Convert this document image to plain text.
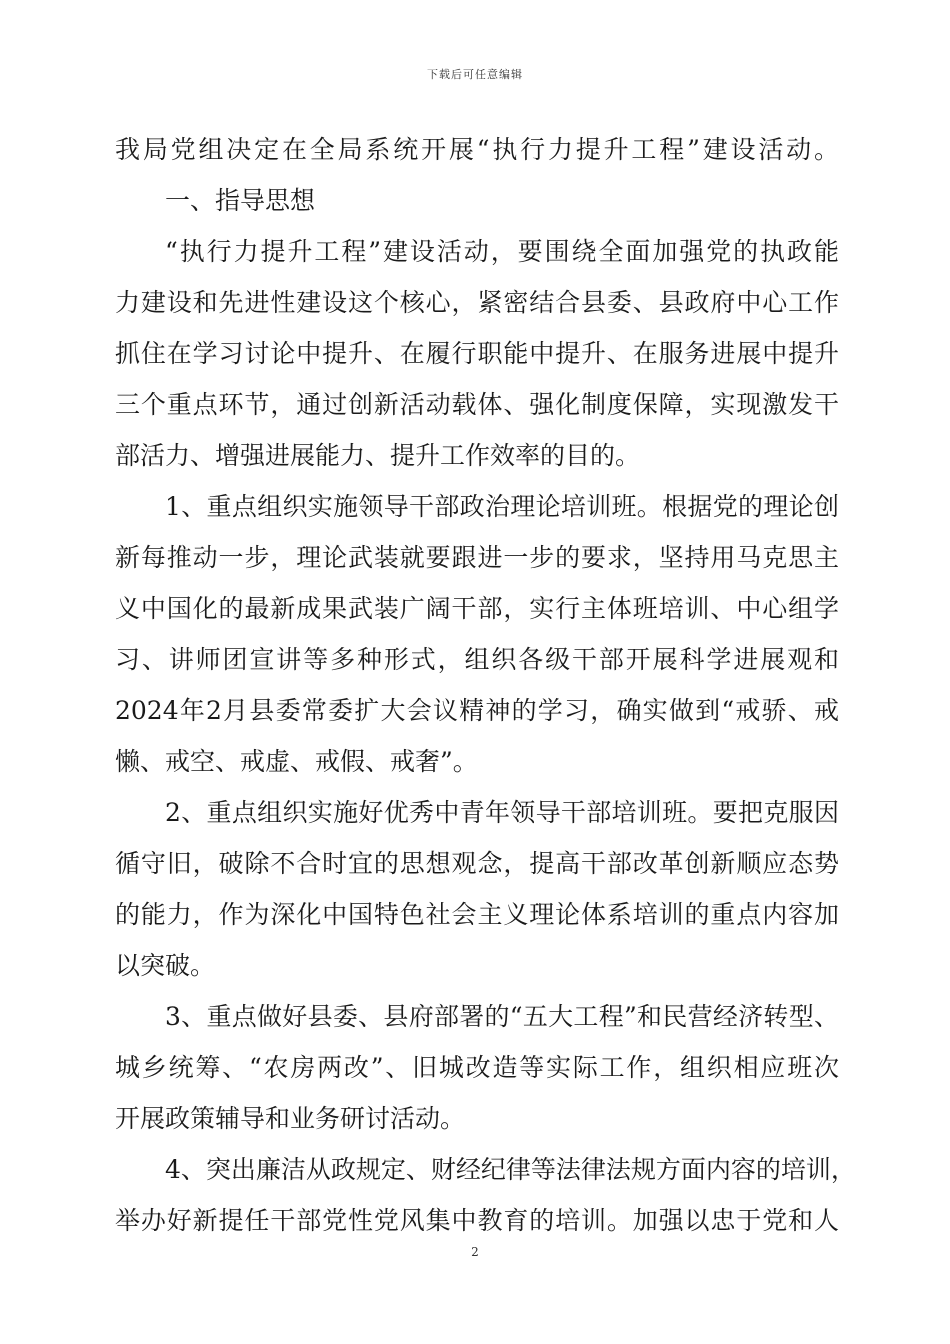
下载后可任意编辑
我局党组决定在全局系统开展“执行力提升工程”建设活动。
一、指导思想
“执行力提升工程”建设活动，要围绕全面加强党的执政能
力建设和先进性建设这个核心，紧密结合县委、县政府中心工作
抓住在学习讨论中提升、在履行职能中提升、在服务进展中提升
三个重点环节，通过创新活动载体、强化制度保障，实现激发干
部活力、增强进展能力、提升工作效率的目的。
1、重点组织实施领导干部政治理论培训班。根据党的理论创
新每推动一步，理论武装就要跟进一步的要求，坚持用马克思主
义中国化的最新成果武装广阔干部，实行主体班培训、中心组学
习、讲师团宣讲等多种形式，组织各级干部开展科学进展观和
2024年2月县委常委扩大会议精神的学习，确实做到“戒骄、戒
懒、戒空、戒虚、戒假、戒奢”。
2、重点组织实施好优秀中青年领导干部培训班。要把克服因
循守旧，破除不合时宜的思想观念，提高干部改革创新顺应态势
的能力，作为深化中国特色社会主义理论体系培训的重点内容加
以突破。
3、重点做好县委、县府部署的“五大工程”和民营经济转型、
城乡统筹、“农房两改”、旧城改造等实际工作，组织相应班次
开展政策辅导和业务研讨活动。
4、突出廉洁从政规定、财经纪律等法律法规方面内容的培训，
举办好新提任干部党性党风集中教育的培训。加强以忠于党和人
2
